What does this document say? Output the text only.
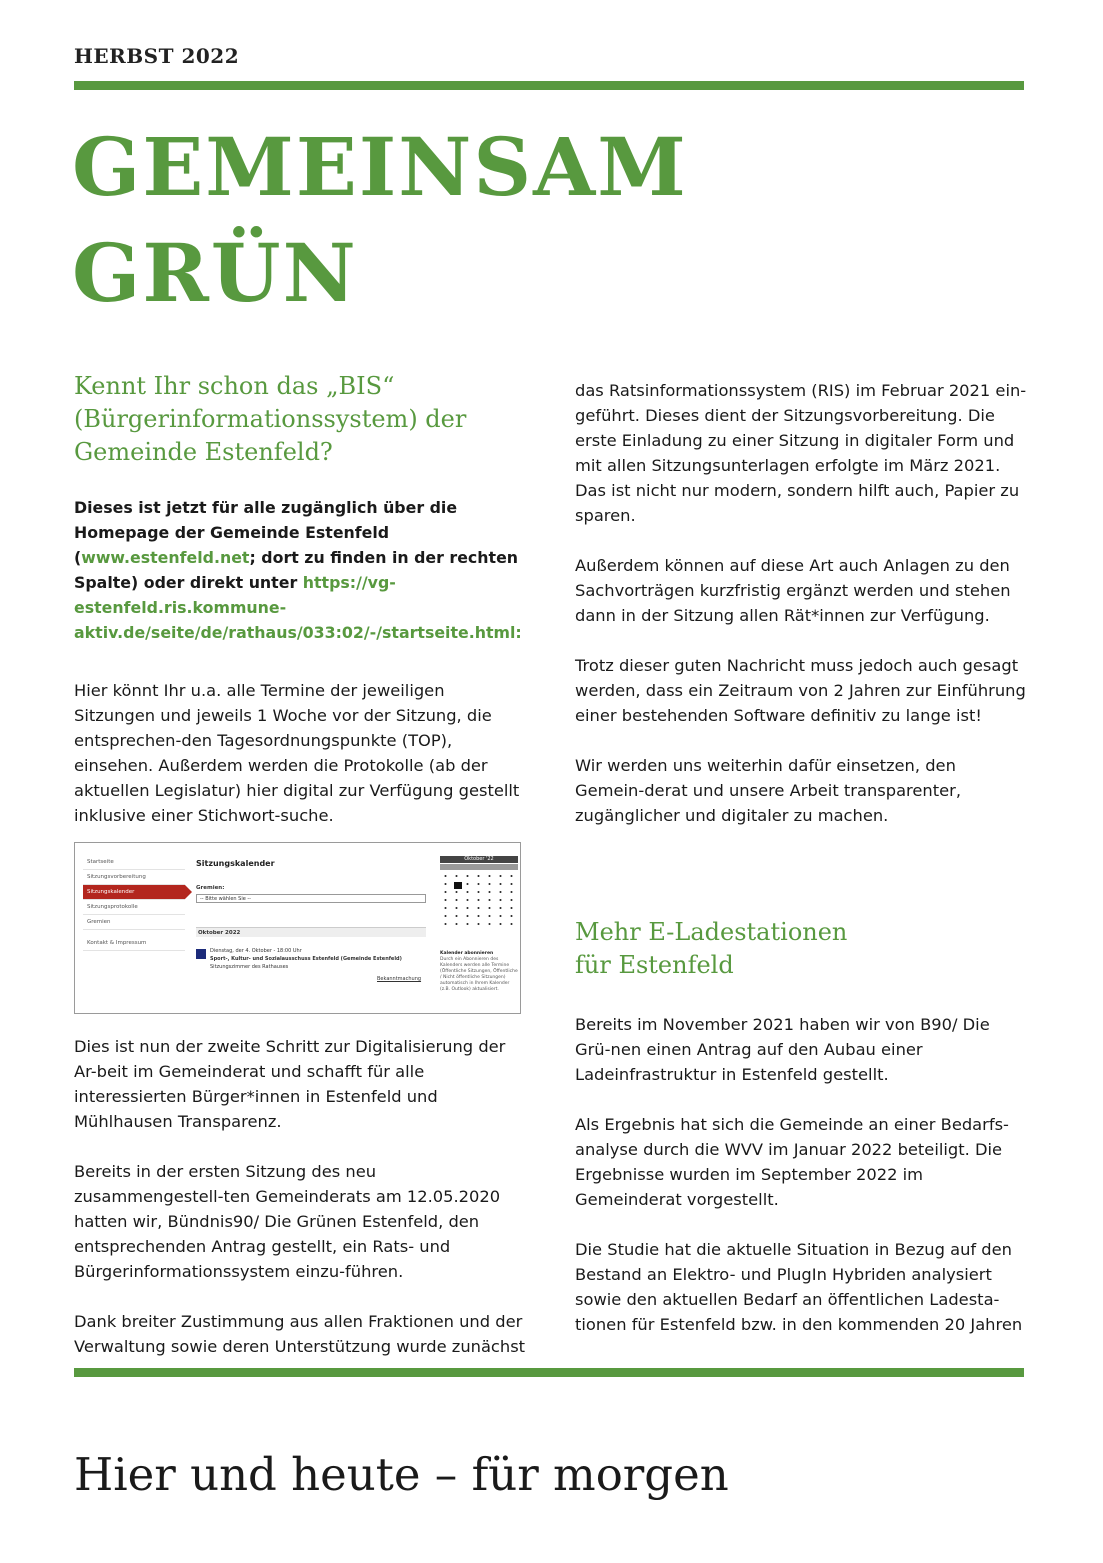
HERBST 2022
GEMEINSAM
GRÜN
Kennt Ihr schon das „BIS“ (Bürgerinformationssystem) der Gemeinde Estenfeld?

Dieses ist jetzt für alle zugänglich über die Homepage der Gemeinde Estenfeld (www.estenfeld.net; dort zu finden in der rechten Spalte) oder direkt unter https://vg-estenfeld.ris.kommune-aktiv.de/seite/de/rathaus/033:02/-/startseite.html:

Hier könnt Ihr u.a. alle Termine der jeweiligen Sitzungen und jeweils 1 Woche vor der Sitzung, die entsprechen-den Tagesordnungspunkte (TOP), einsehen. Außerdem werden die Protokolle (ab der aktuellen Legislatur) hier digital zur Verfügung gestellt inklusive einer Stichwort-suche.

Startseite
Sitzungsvorbereitung
Sitzungskalender
Sitzungsprotokolle
Gremien
Kontakt & Impressum
Sitzungskalender
Gremien:
-- Bitte wählen Sie --
Oktober 2022
Dienstag, der 4. Oktober - 18:00 Uhr
Sport-, Kultur- und Sozialausschuss Estenfeld (Gemeinde Estenfeld)
Sitzungszimmer des Rathauses
Bekanntmachung
Oktober '22
Kalender abonnieren
Durch ein Abonnieren des Kalenders werden alle Termine (Öffentliche Sitzungen, Öffentliche / Nicht öffentliche Sitzungen) automatisch in Ihrem Kalender (z.B. Outlook) aktualisiert.

Dies ist nun der zweite Schritt zur Digitalisierung der Ar-beit im Gemeinderat und schafft für alle interessierten Bürger*innen in Estenfeld und Mühlhausen Transparenz.

Bereits in der ersten Sitzung des neu zusammengestell-ten Gemeinderats am 12.05.2020 hatten wir, Bündnis90/ Die Grünen Estenfeld, den entsprechenden Antrag gestellt, ein Rats- und Bürgerinformationssystem einzu-führen.

Dank breiter Zustimmung aus allen Fraktionen und der Verwaltung sowie deren Unterstützung wurde zunächst

das Ratsinformationssystem (RIS) im Februar 2021 ein-geführt. Dieses dient der Sitzungsvorbereitung. Die erste Einladung zu einer Sitzung in digitaler Form und mit allen Sitzungsunterlagen erfolgte im März 2021. Das ist nicht nur modern, sondern hilft auch, Papier zu sparen.

Außerdem können auf diese Art auch Anlagen zu den Sachvorträgen kurzfristig ergänzt werden und stehen dann in der Sitzung allen Rät*innen zur Verfügung.

Trotz dieser guten Nachricht muss jedoch auch gesagt werden, dass ein Zeitraum von 2 Jahren zur Einführung einer bestehenden Software definitiv zu lange ist!

Wir werden uns weiterhin dafür einsetzen, den Gemein-derat und unsere Arbeit transparenter, zugänglicher und digitaler zu machen.

Mehr E-Ladestationen
für Estenfeld

Bereits im November 2021 haben wir von B90/ Die Grü-nen einen Antrag auf den Aubau einer Ladeinfrastruktur in Estenfeld gestellt.

Als Ergebnis hat sich die Gemeinde an einer Bedarfs-analyse durch die WVV im Januar 2022 beteiligt. Die Ergebnisse wurden im September 2022 im Gemeinderat vorgestellt.

Die Studie hat die aktuelle Situation in Bezug auf den Bestand an Elektro- und PlugIn Hybriden analysiert sowie den aktuellen Bedarf an öffentlichen Ladesta-tionen für Estenfeld bzw. in den kommenden 20 Jahren

Hier und heute – für morgen
